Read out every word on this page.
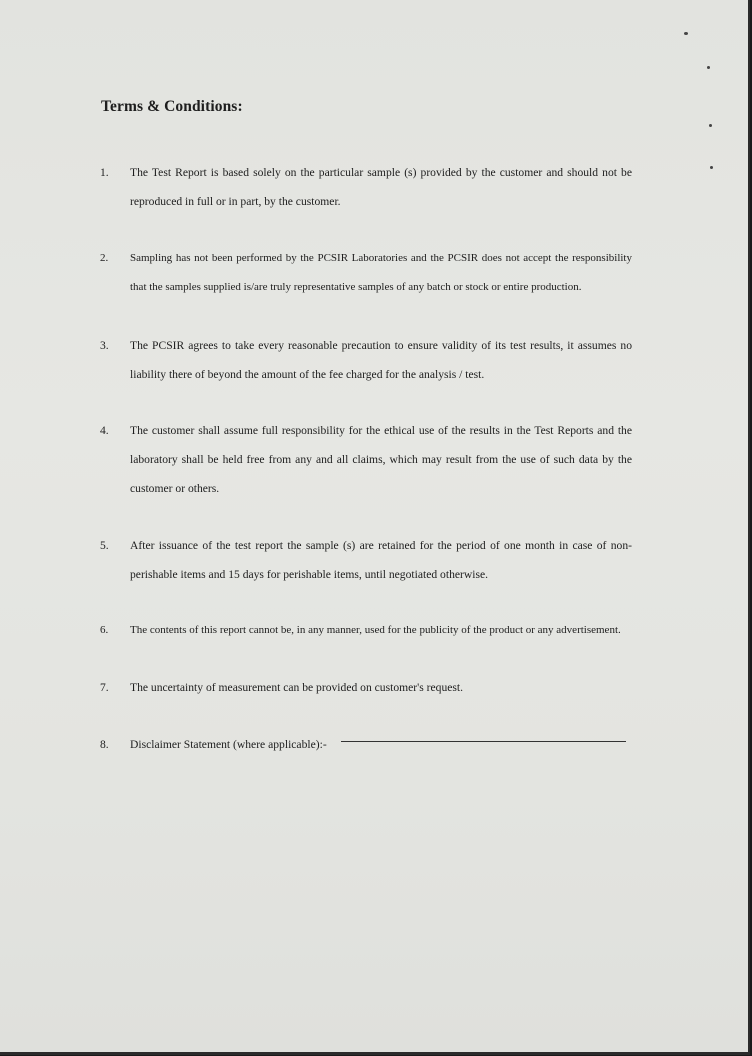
Terms & Conditions:
1. The Test Report is based solely on the particular sample (s) provided by the customer and should not be reproduced in full or in part, by the customer.
2. Sampling has not been performed by the PCSIR Laboratories and the PCSIR does not accept the responsibility that the samples supplied is/are truly representative samples of any batch or stock or entire production.
3. The PCSIR agrees to take every reasonable precaution to ensure validity of its test results, it assumes no liability there of beyond the amount of the fee charged for the analysis / test.
4. The customer shall assume full responsibility for the ethical use of the results in the Test Reports and the laboratory shall be held free from any and all claims, which may result from the use of such data by the customer or others.
5. After issuance of the test report the sample (s) are retained for the period of one month in case of non-perishable items and 15 days for perishable items, until negotiated otherwise.
6. The contents of this report cannot be, in any manner, used for the publicity of the product or any advertisement.
7. The uncertainty of measurement can be provided on customer's request.
8. Disclaimer Statement (where applicable):-
